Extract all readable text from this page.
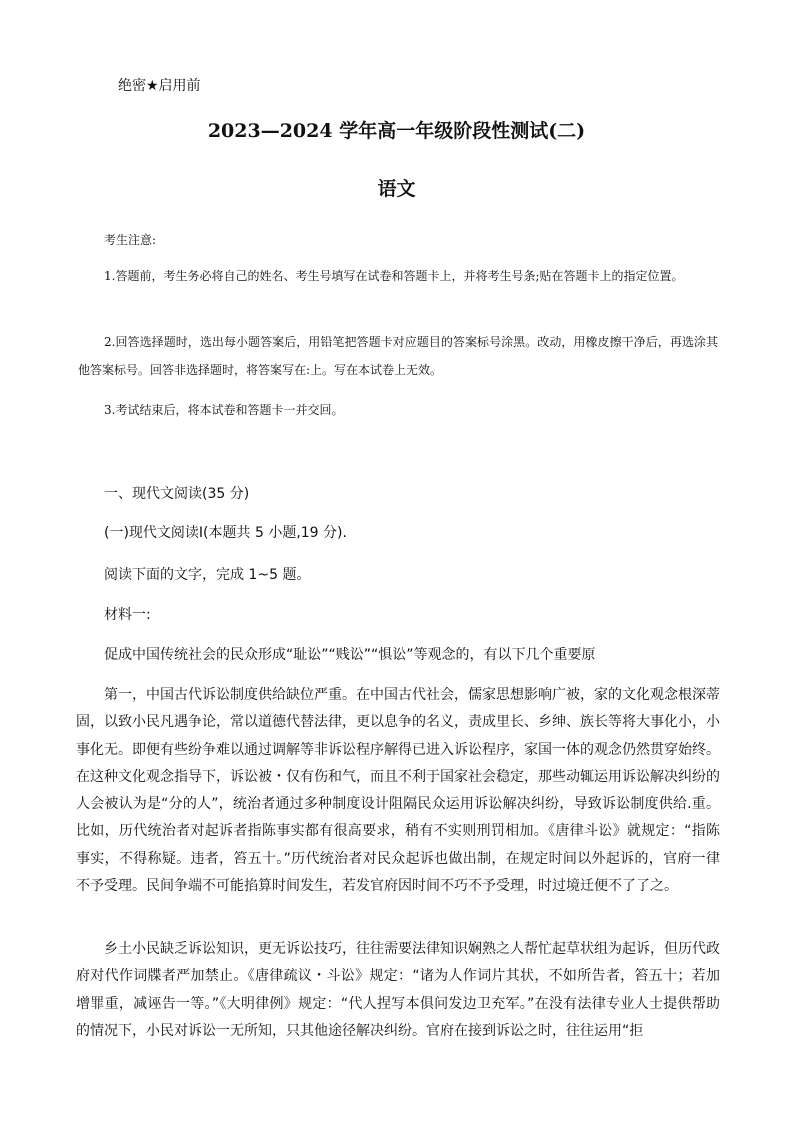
绝密★启用前
2023—2024 学年高一年级阶段性测试(二)
语文
考生注意:
1.答题前，考生务必将自己的姓名、考生号填写在试卷和答题卡上，并将考生号条;贴在答题卡上的指定位置。
2.回答选择题时，选出每小题答案后，用铅笔把答题卡对应题目的答案标号涂黑。改动，用橡皮擦干净后，再选涂其他答案标号。回答非选择题时，将答案写在:上。写在本试卷上无效。
3.考试结束后，将本试卷和答题卡一并交回。
一、现代文阅读(35 分)
(一)现代文阅读Ⅰ(本题共 5 小题,19 分).
阅读下面的文字，完成 1~5 题。
材料一:
促成中国传统社会的民众形成“耻讼”“贱讼”“惧讼”等观念的，有以下几个重要原
第一，中国古代诉讼制度供给缺位严重。在中国古代社会，儒家思想影响广被，家的文化观念根深蒂固，以致小民凡遇争论，常以道德代替法律，更以息争的名义，责成里长、乡绅、族长等将大事化小，小事化无。即便有些纷争难以通过调解等非诉讼程序解得已进入诉讼程序，家国一体的观念仍然贯穿始终。在这种文化观念指导下，诉讼被・仅有伤和气，而且不利于国家社会稳定，那些动辄运用诉讼解决纠纷的人会被认为是“分的人”，统治者通过多种制度设计阻隔民众运用诉讼解决纠纷，导致诉讼制度供给.重。比如，历代统治者对起诉者指陈事实都有很高要求，稍有不实则刑罚相加。《唐律斗讼》就规定：“指陈事实，不得称疑。违者，笞五十。”历代统治者对民众起诉也做出制，在规定时间以外起诉的，官府一律不予受理。民间争端不可能掐算时间发生，若发官府因时间不巧不予受理，时过境迁便不了了之。
乡土小民缺乏诉讼知识，更无诉讼技巧，往往需要法律知识娴熟之人帮忙起草状组为起诉，但历代政府对代作词牒者严加禁止。《唐律疏议・斗讼》规定：“诸为人作词片其状，不如所告者，笞五十；若加增罪重，减诬告一等。”《大明律例》规定：“代人捏写本俱问发边卫充军。”在没有法律专业人士提供帮助的情况下，小民对诉讼一无所知，只其他途径解决纠纷。官府在接到诉讼之时，往往运用“拒
